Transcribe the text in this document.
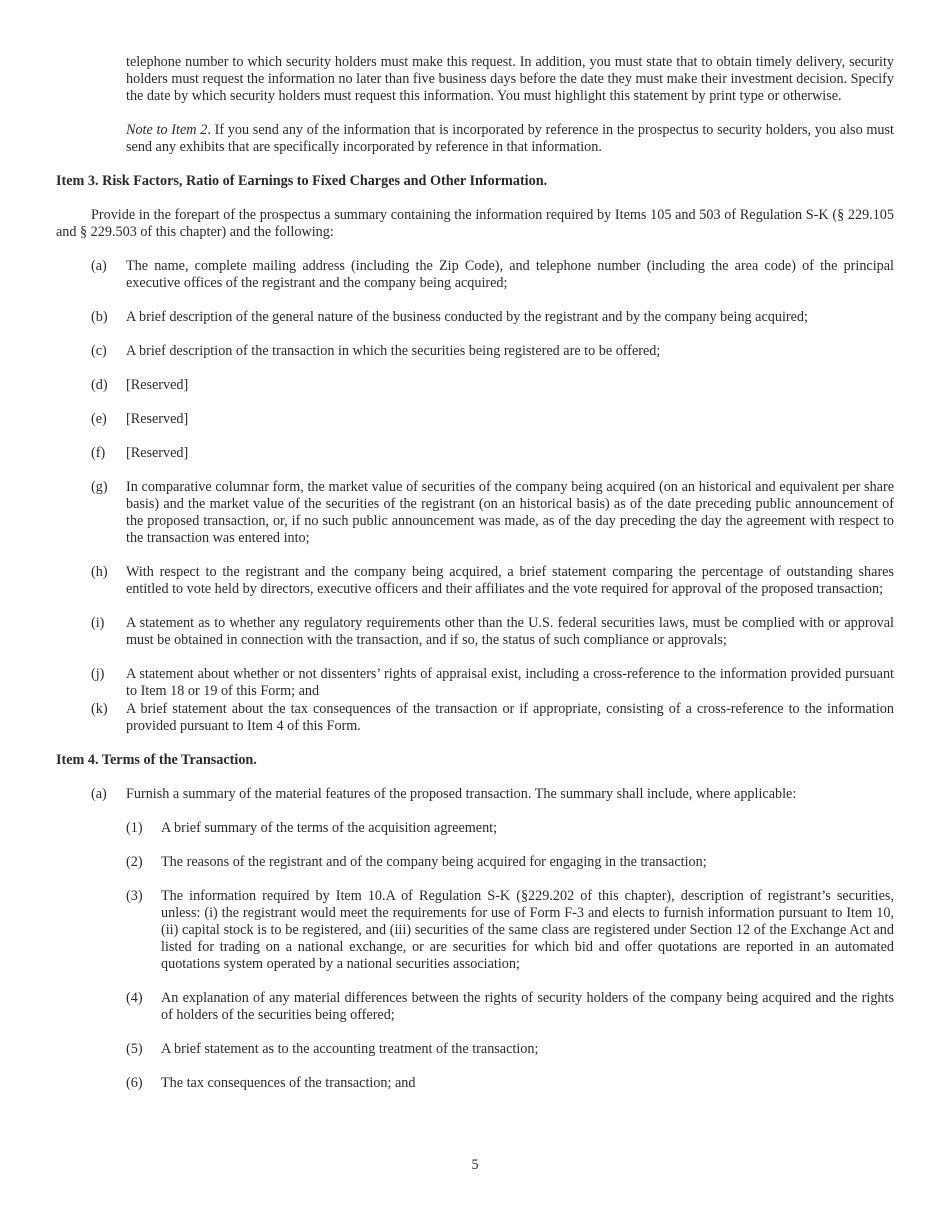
telephone number to which security holders must make this request. In addition, you must state that to obtain timely delivery, security holders must request the information no later than five business days before the date they must make their investment decision. Specify the date by which security holders must request this information. You must highlight this statement by print type or otherwise.

Note to Item 2. If you send any of the information that is incorporated by reference in the prospectus to security holders, you also must send any exhibits that are specifically incorporated by reference in that information.

Item 3. Risk Factors, Ratio of Earnings to Fixed Charges and Other Information.

Provide in the forepart of the prospectus a summary containing the information required by Items 105 and 503 of Regulation S-K (§ 229.105 and § 229.503 of this chapter) and the following:

(a) The name, complete mailing address (including the Zip Code), and telephone number (including the area code) of the principal executive offices of the registrant and the company being acquired;
(b) A brief description of the general nature of the business conducted by the registrant and by the company being acquired;
(c) A brief description of the transaction in which the securities being registered are to be offered;
(d) [Reserved]
(e) [Reserved]
(f) [Reserved]
(g) In comparative columnar form, the market value of securities of the company being acquired (on an historical and equivalent per share basis) and the market value of the securities of the registrant (on an historical basis) as of the date preceding public announcement of the proposed transaction, or, if no such public announcement was made, as of the day preceding the day the agreement with respect to the transaction was entered into;
(h) With respect to the registrant and the company being acquired, a brief statement comparing the percentage of outstanding shares entitled to vote held by directors, executive officers and their affiliates and the vote required for approval of the proposed transaction;
(i) A statement as to whether any regulatory requirements other than the U.S. federal securities laws, must be complied with or approval must be obtained in connection with the transaction, and if so, the status of such compliance or approvals;
(j) A statement about whether or not dissenters’ rights of appraisal exist, including a cross-reference to the information provided pursuant to Item 18 or 19 of this Form; and
(k) A brief statement about the tax consequences of the transaction or if appropriate, consisting of a cross-reference to the information provided pursuant to Item 4 of this Form.

Item 4. Terms of the Transaction.

(a) Furnish a summary of the material features of the proposed transaction. The summary shall include, where applicable:
(1) A brief summary of the terms of the acquisition agreement;
(2) The reasons of the registrant and of the company being acquired for engaging in the transaction;
(3) The information required by Item 10.A of Regulation S-K (§229.202 of this chapter), description of registrant’s securities, unless: (i) the registrant would meet the requirements for use of Form F-3 and elects to furnish information pursuant to Item 10, (ii) capital stock is to be registered, and (iii) securities of the same class are registered under Section 12 of the Exchange Act and listed for trading on a national exchange, or are securities for which bid and offer quotations are reported in an automated quotations system operated by a national securities association;
(4) An explanation of any material differences between the rights of security holders of the company being acquired and the rights of holders of the securities being offered;
(5) A brief statement as to the accounting treatment of the transaction;
(6) The tax consequences of the transaction; and
5
